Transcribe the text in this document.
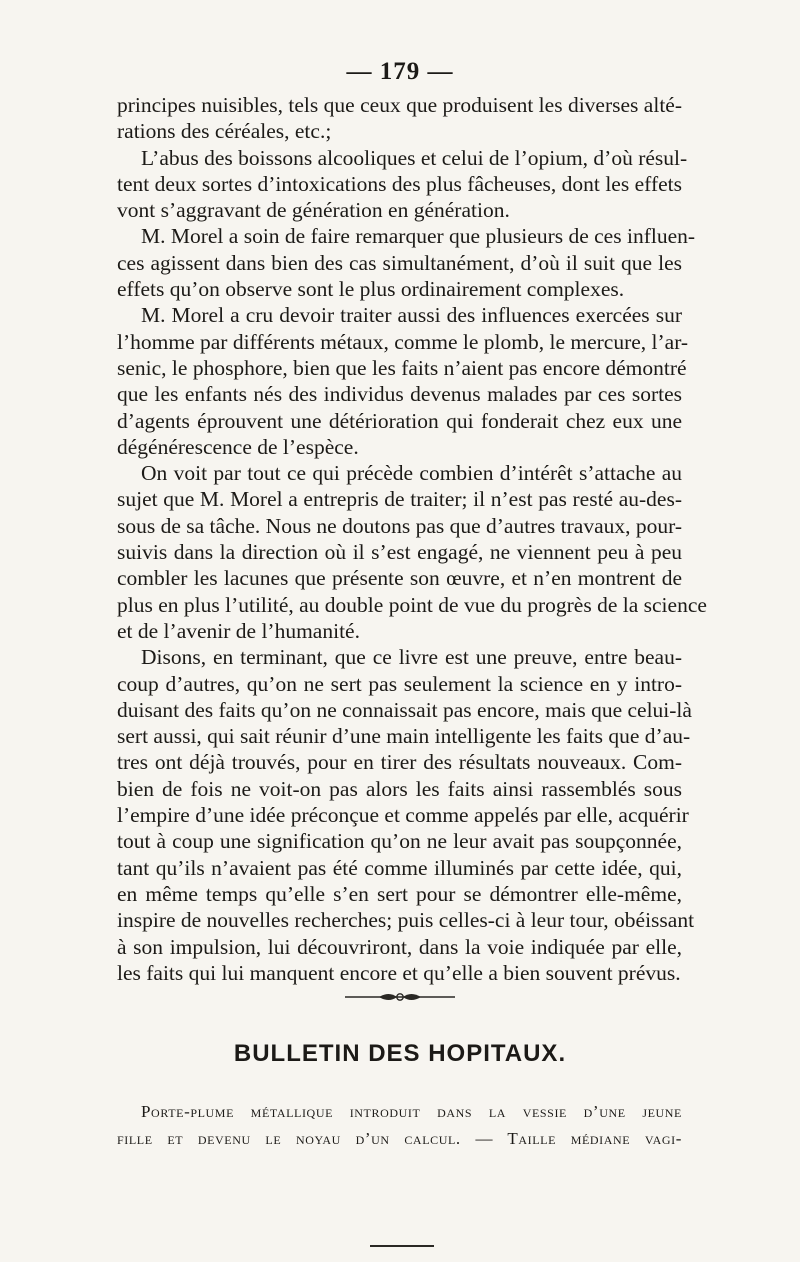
— 179 —

principes nuisibles, tels que ceux que produisent les diverses alté-
rations des céréales, etc.;

L’abus des boissons alcooliques et celui de l’opium, d’où résul-
tent deux sortes d’intoxications des plus fâcheuses, dont les effets
vont s’aggravant de génération en génération.

M. Morel a soin de faire remarquer que plusieurs de ces influen-
ces agissent dans bien des cas simultanément, d’où il suit que les
effets qu’on observe sont le plus ordinairement complexes.

M. Morel a cru devoir traiter aussi des influences exercées sur
l’homme par différents métaux, comme le plomb, le mercure, l’ar-
senic, le phosphore, bien que les faits n’aient pas encore démontré
que les enfants nés des individus devenus malades par ces sortes
d’agents éprouvent une détérioration qui fonderait chez eux une
dégénérescence de l’espèce.

On voit par tout ce qui précède combien d’intérêt s’attache au
sujet que M. Morel a entrepris de traiter; il n’est pas resté au-des-
sous de sa tâche. Nous ne doutons pas que d’autres travaux, pour-
suivis dans la direction où il s’est engagé, ne viennent peu à peu
combler les lacunes que présente son œuvre, et n’en montrent de
plus en plus l’utilité, au double point de vue du progrès de la science
et de l’avenir de l’humanité.

Disons, en terminant, que ce livre est une preuve, entre beau-
coup d’autres, qu’on ne sert pas seulement la science en y intro-
duisant des faits qu’on ne connaissait pas encore, mais que celui-là
sert aussi, qui sait réunir d’une main intelligente les faits que d’au-
tres ont déjà trouvés, pour en tirer des résultats nouveaux. Com-
bien de fois ne voit-on pas alors les faits ainsi rassemblés sous
l’empire d’une idée préconçue et comme appelés par elle, acquérir
tout à coup une signification qu’on ne leur avait pas soupçonnée,
tant qu’ils n’avaient pas été comme illuminés par cette idée, qui,
en même temps qu’elle s’en sert pour se démontrer elle-même,
inspire de nouvelles recherches; puis celles-ci à leur tour, obéissant
à son impulsion, lui découvriront, dans la voie indiquée par elle,
les faits qui lui manquent encore et qu’elle a bien souvent prévus.

BULLETIN DES HOPITAUX.
Porte-plume métallique introduit dans la vessie d’une jeune
fille et devenu le noyau d’un calcul. — Taille médiane vagi-
